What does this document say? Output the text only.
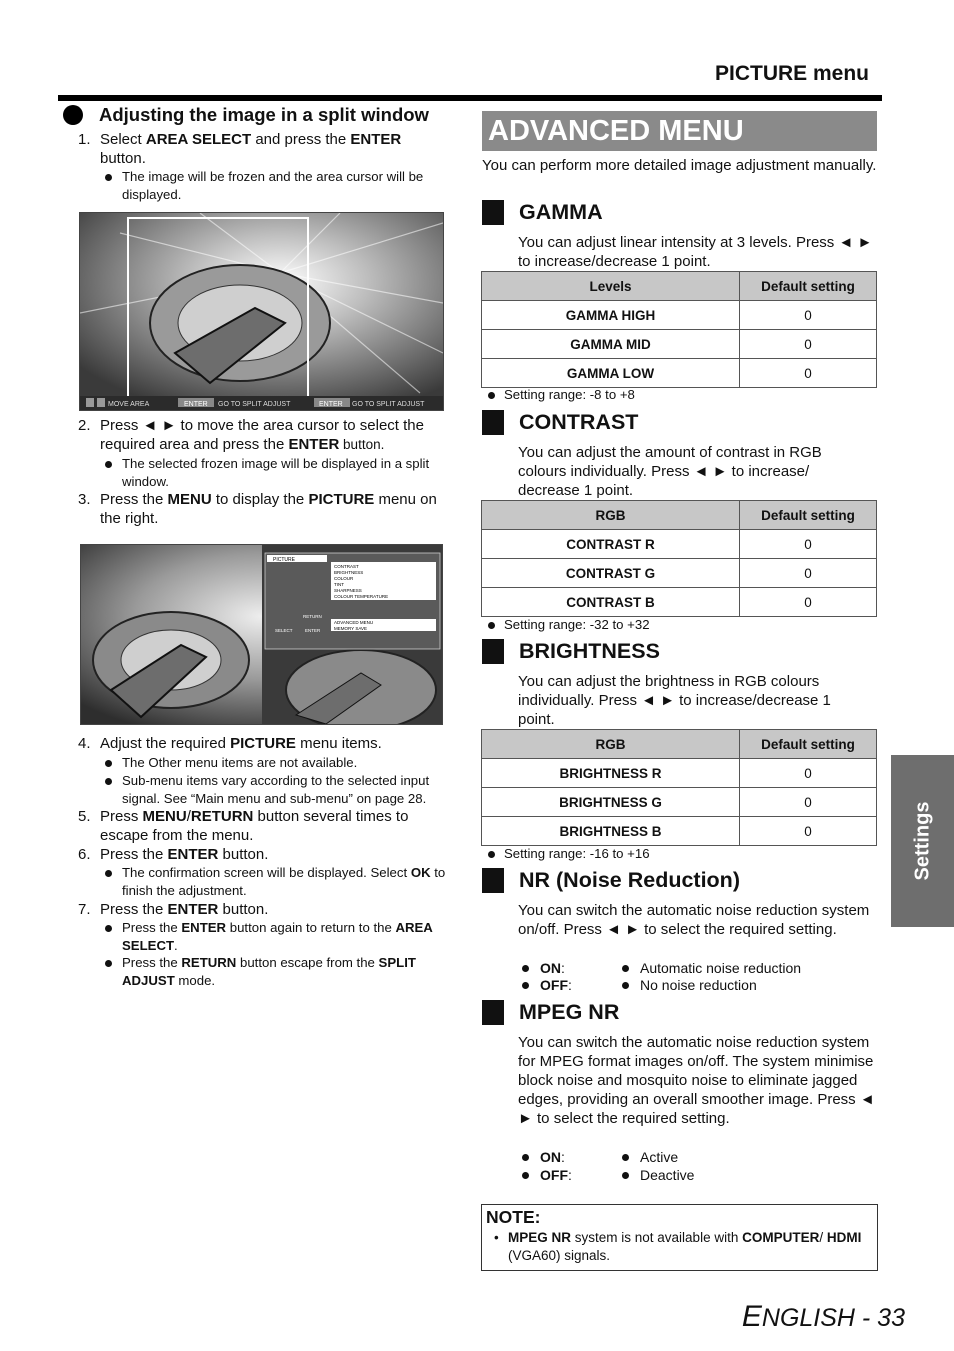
PICTURE menu
Adjusting the image in a split window
1. Select AREA SELECT and press the ENTER
button.
The image will be frozen and the area cursor will be displayed.
MOVE AREA	ENTER GO TO SPLIT ADJUST	ENTER GO TO SPLIT ADJUST
2. Press ◄ ► to move the area cursor to select the required area and press the ENTER button.
The selected frozen image will be displayed in a split window.
3. Press the MENU to display the PICTURE menu on the right.
PICTURE
CONTRAST
BRIGHTNESS
COLOUR
TINT
SHARPNESS
COLOUR TEMPERATURE
ADVANCED MENU
MEMORY SAVE
RETURN
SELECT	ENTER
4. Adjust the required PICTURE menu items.
The Other menu items are not available.
Sub-menu items vary according to the selected input signal. See “Main menu and sub-menu” on page 28.
5. Press MENU/RETURN button several times to escape from the menu.
6. Press the ENTER button.
The confirmation screen will be displayed. Select OK to finish the adjustment.
7. Press the ENTER button.
Press the ENTER button again to return to the AREA SELECT.
Press the RETURN button escape from the SPLIT ADJUST mode.
ADVANCED MENU
You can perform more detailed image adjustment manually.
GAMMA
You can adjust linear intensity at 3 levels. Press ◄ ► to increase/decrease 1 point.
Levels	Default setting
GAMMA HIGH	0
GAMMA MID	0
GAMMA LOW	0
Setting range: -8 to +8
CONTRAST
You can adjust the amount of contrast in RGB colours individually. Press ◄ ► to increase/ decrease 1 point.
RGB	Default setting
CONTRAST R	0
CONTRAST G	0
CONTRAST B	0
Setting range: -32 to +32
BRIGHTNESS
You can adjust the brightness in RGB colours individually. Press ◄ ► to increase/decrease 1 point.
RGB	Default setting
BRIGHTNESS R	0
BRIGHTNESS G	0
BRIGHTNESS B	0
Setting range: -16 to +16
NR (Noise Reduction)
You can switch the automatic noise reduction system on/off. Press ◄ ► to select the required setting.
ON:	Automatic noise reduction
OFF:	No noise reduction
MPEG NR
You can switch the automatic noise reduction system for MPEG format images on/off. The system minimise block noise and mosquito noise to eliminate jagged edges, providing an overall smoother image. Press ◄ ► to select the required setting.
ON:	Active
OFF:	Deactive
NOTE:
• MPEG NR system is not available with COMPUTER/ HDMI (VGA60) signals.
Settings
ENGLISH - 33
